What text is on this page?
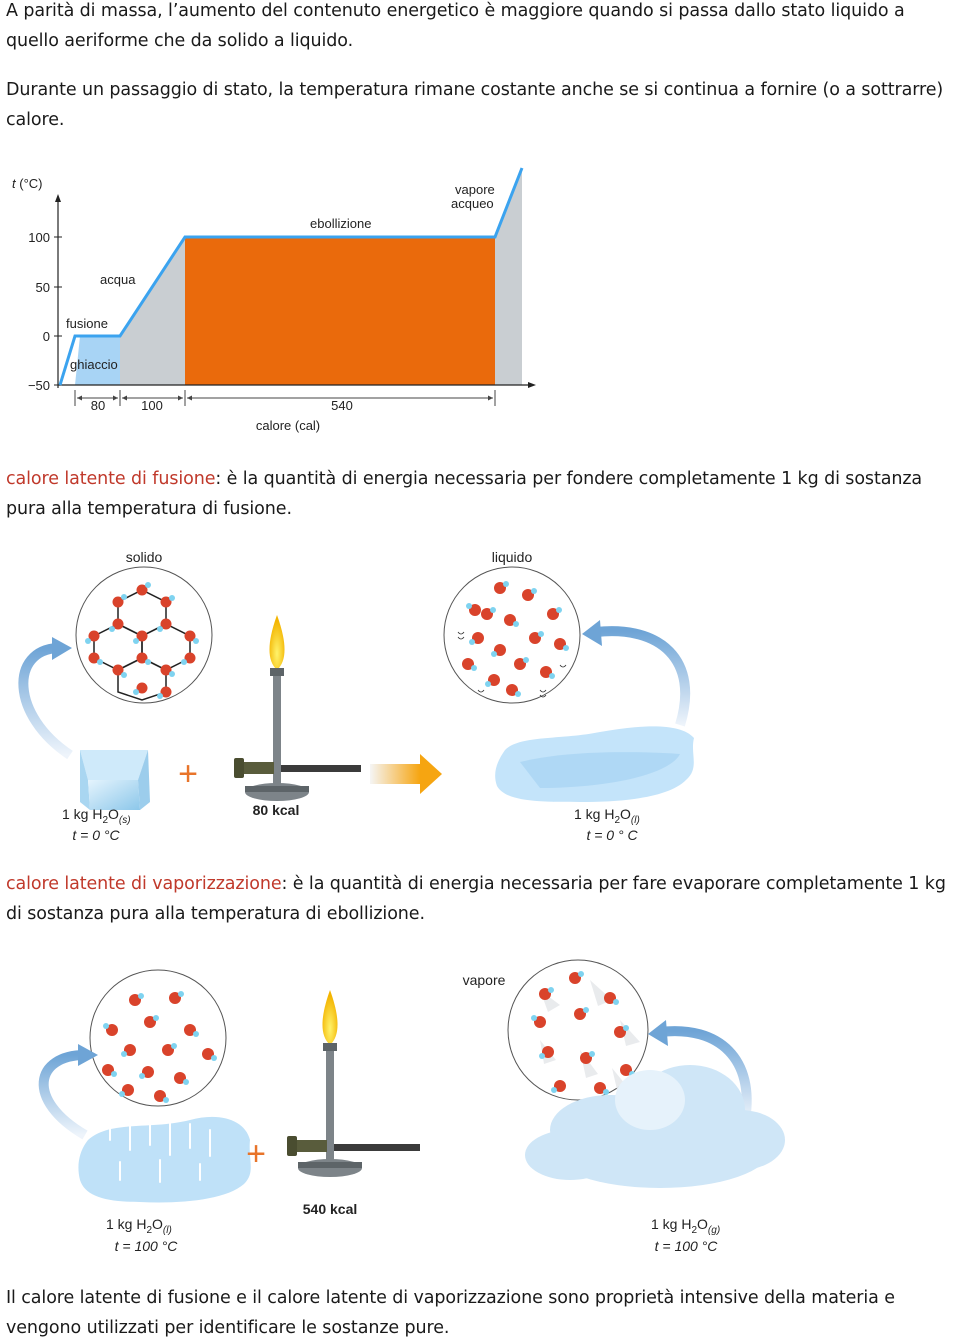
A parità di massa, l’aumento del contenuto energetico è maggiore quando si passa dallo stato liquido a quello aeriforme che da solido a liquido.

Durante un passaggio di stato, la temperatura rimane costante anche se si continua a fornire (o a sottrarre) calore.

100
50
0
−50
t (°C)
fusione
ghiaccio
acqua
ebollizione
vapore
acqueo
80	100	540
calore (cal)

calore latente di fusione: è la quantità di energia necessaria per fondere completamente 1 kg di sostanza pura alla temperatura di fusione.

solido	liquido
+
80 kcal
1 kg $H_2O_{(s)}$
t = 0 °C
1 kg $H_2O_{(l)}$
t = 0 ° C

calore latente di vaporizzazione: è la quantità di energia necessaria per fare evaporare completamente 1 kg di sostanza pura alla temperatura di ebollizione.

vapore
+
540 kcal
1 kg $H_2O_{(l)}$
t = 100 °C
1 kg $H_2O_{(g)}$
t = 100 °C

Il calore latente di fusione e il calore latente di vaporizzazione sono proprietà intensive della materia e vengono utilizzati per identificare le sostanze pure.
